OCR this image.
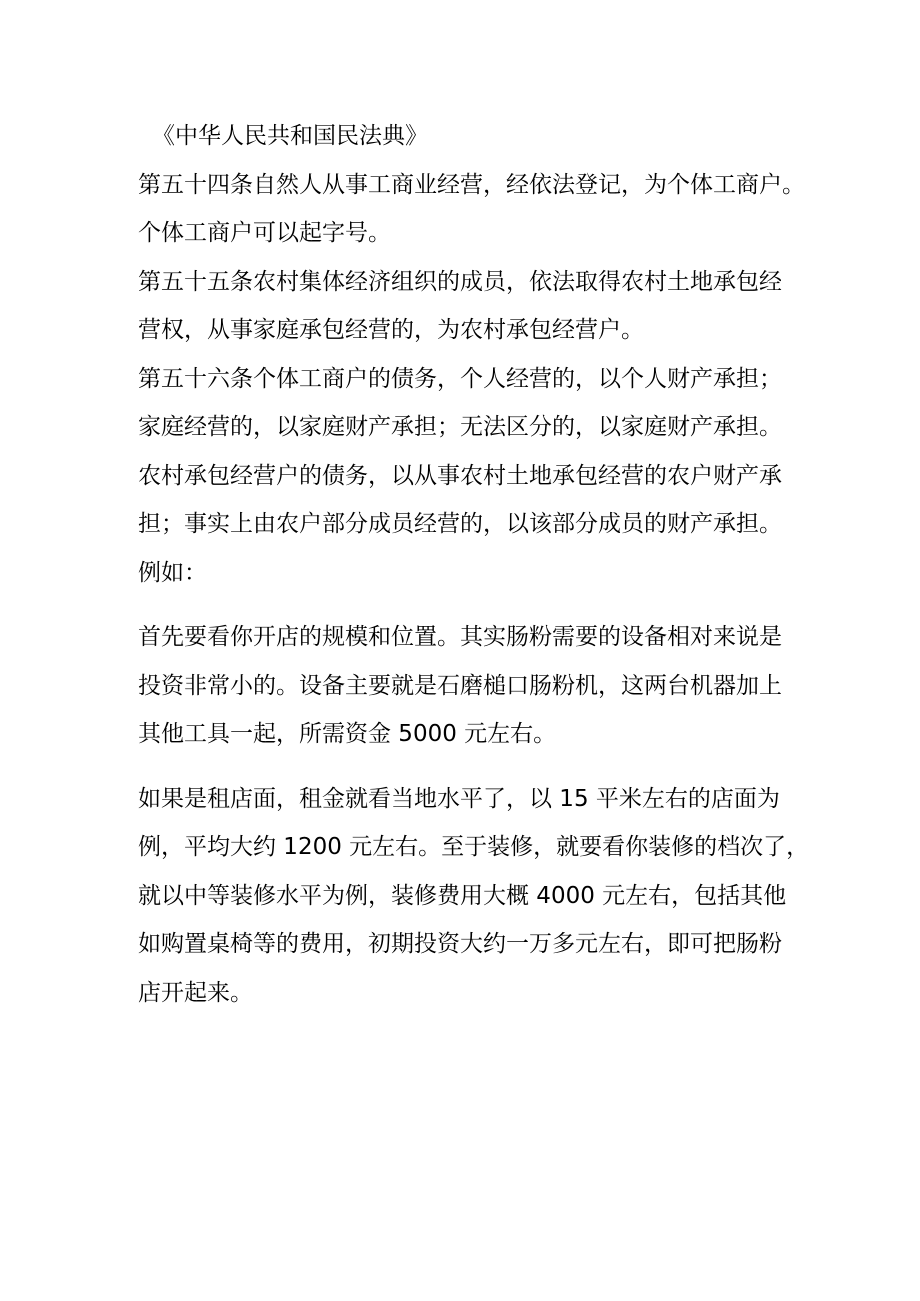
《中华人民共和国民法典》

第五十四条自然人从事工商业经营，经依法登记，为个体工商户。
个体工商户可以起字号。

第五十五条农村集体经济组织的成员，依法取得农村土地承包经
营权，从事家庭承包经营的，为农村承包经营户。

第五十六条个体工商户的债务，个人经营的，以个人财产承担；
家庭经营的，以家庭财产承担；无法区分的，以家庭财产承担。
农村承包经营户的债务，以从事农村土地承包经营的农户财产承
担；事实上由农户部分成员经营的，以该部分成员的财产承担。

例如：

首先要看你开店的规模和位置。其实肠粉需要的设备相对来说是
投资非常小的。设备主要就是石磨槌口肠粉机，这两台机器加上
其他工具一起，所需资金 5000 元左右。

如果是租店面，租金就看当地水平了，以 15 平米左右的店面为
例，平均大约 1200 元左右。至于装修，就要看你装修的档次了，
就以中等装修水平为例，装修费用大概 4000 元左右，包括其他
如购置桌椅等的费用，初期投资大约一万多元左右，即可把肠粉
店开起来。
